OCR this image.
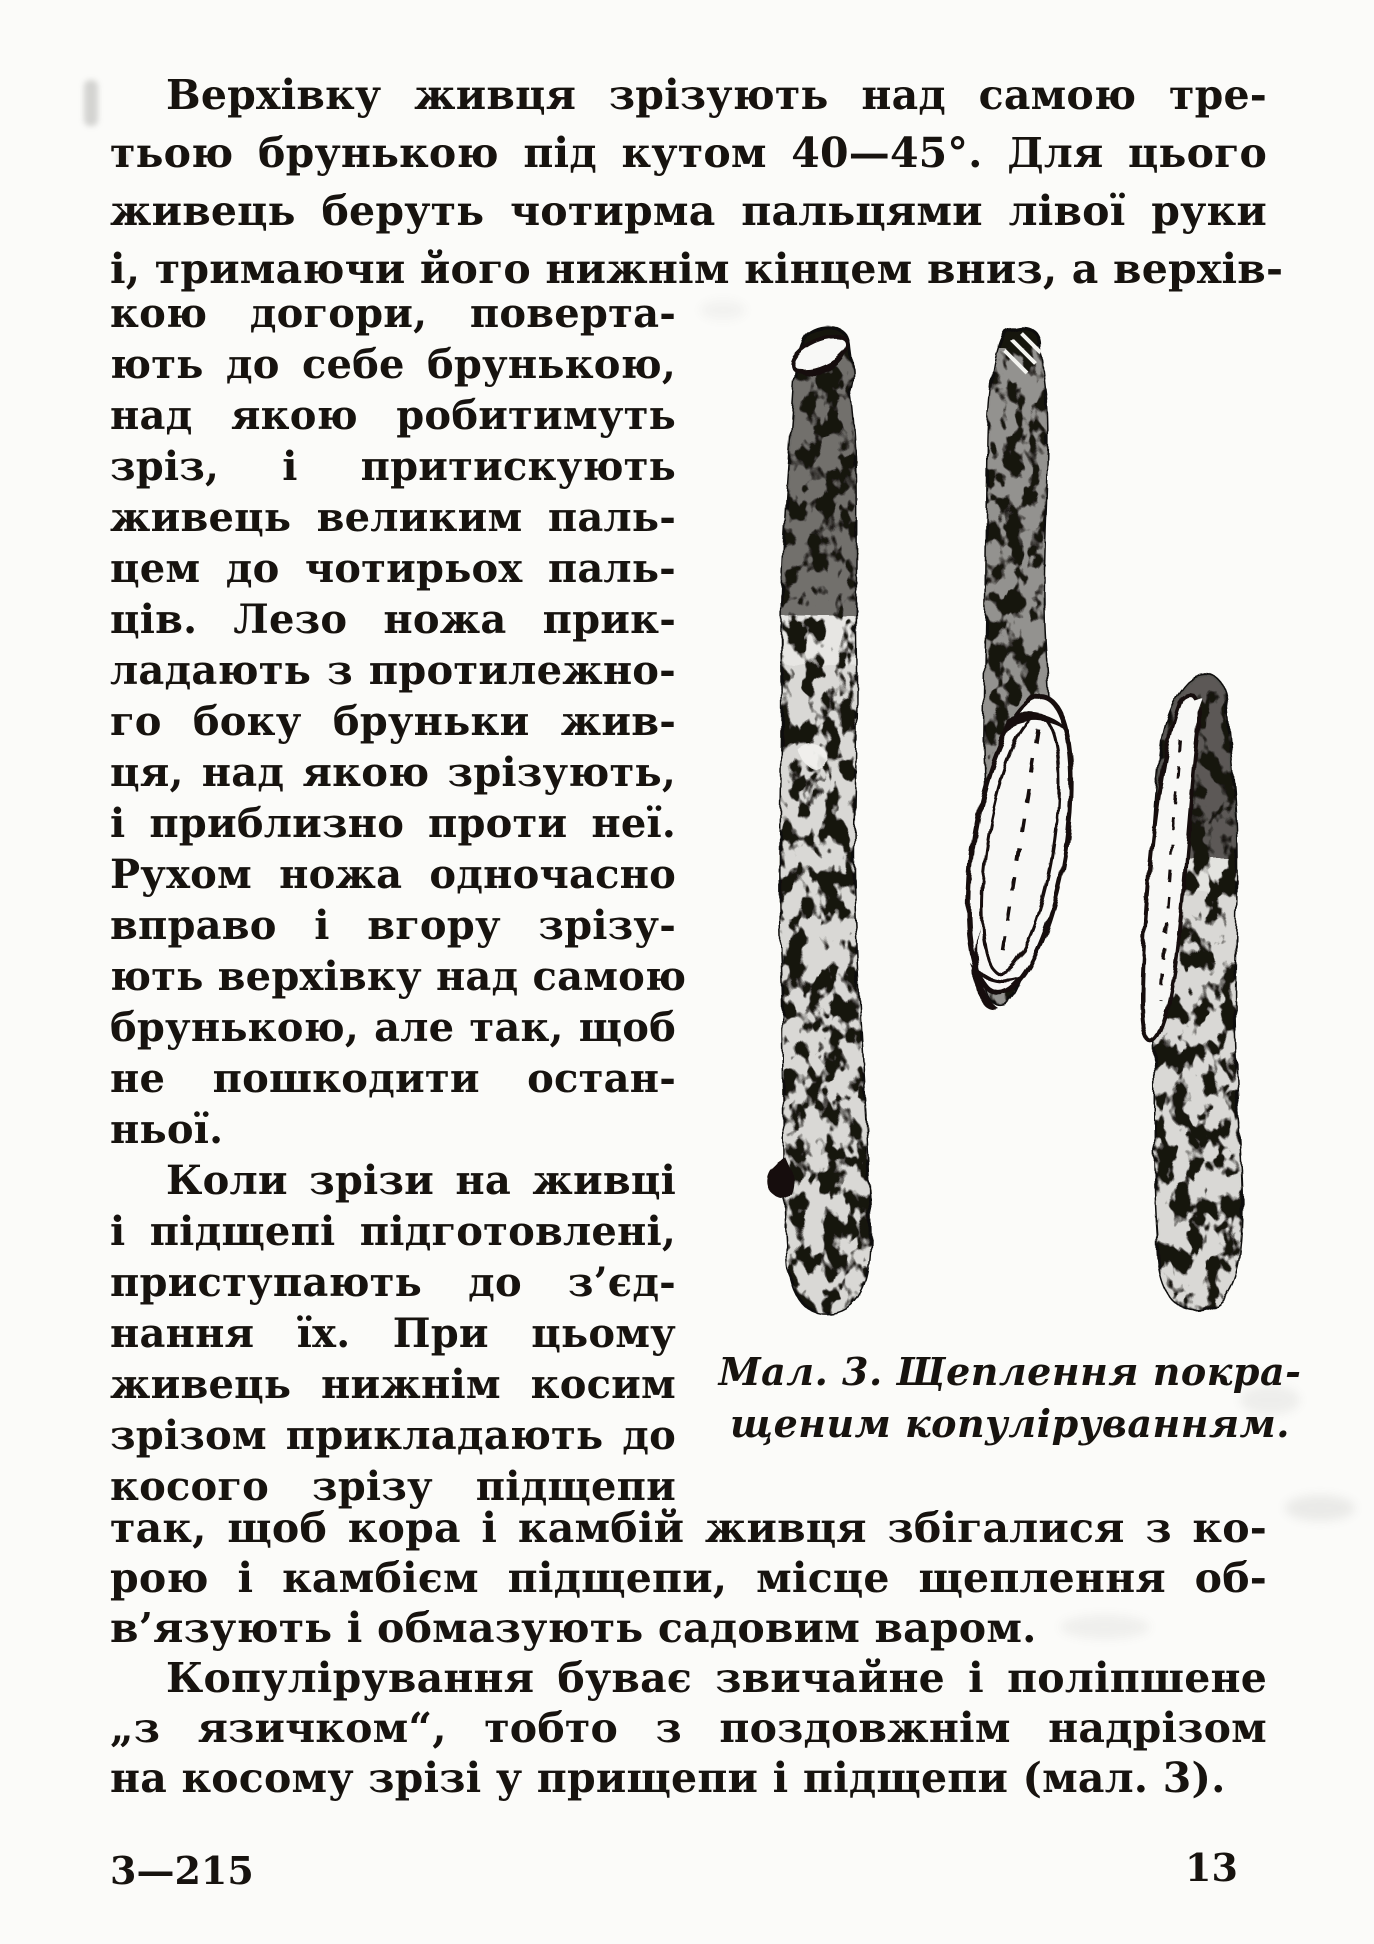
Верхівку живця зрізують над самою тре-
тьою брунькою під кутом 40—45°. Для цього
живець беруть чотирма пальцями лівої руки
і, тримаючи його нижнім кінцем вниз, а верхів-
кою догори, поверта-
ють до себе брунькою,
над якою робитимуть
зріз, і притискують
живець великим паль-
цем до чотирьох паль-
ців. Лезо ножа прик-
ладають з протилежно-
го боку бруньки жив-
ця, над якою зрізують,
і приблизно проти неї.
Рухом ножа одночасно
вправо і вгору зрізу-
ють верхівку над самою
брунькою, але так, щоб
не пошкодити остан-
ньої.
Коли зрізи на живці
і підщепі підготовлені,
приступають до з’єд-
нання їх. При цьому
живець нижнім косим
зрізом прикладають до
косого зрізу підщепи
Мал. 3. Щеплення покра-
щеним копуліруванням.
так, щоб кора і камбій живця збігалися з ко-
рою і камбієм підщепи, місце щеплення об-
в’язують і обмазують садовим варом.
Копулірування буває звичайне і поліпшене
„з язичком“, тобто з поздовжнім надрізом
на косому зрізі у прищепи і підщепи (мал. 3).
3—215	13
